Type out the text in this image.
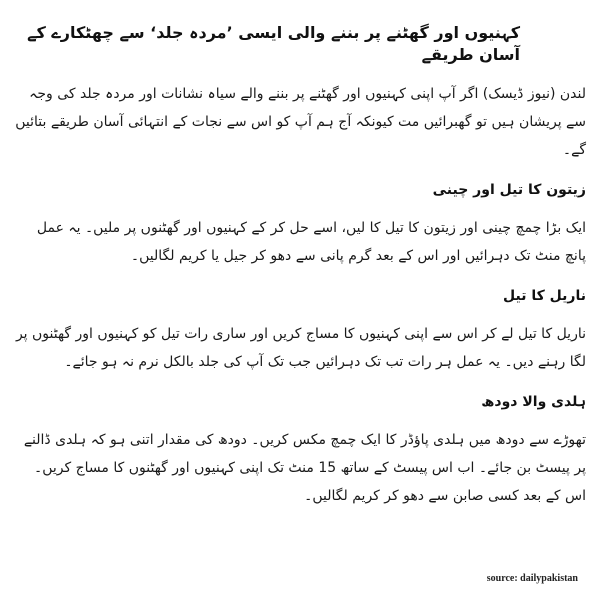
کہنیوں اور گھٹنے پر بننے والی ایسی ’مردہ جلد‘ سے چھٹکارے کے آسان طریقے

لندن (نیوز ڈیسک) اگر آپ اپنی کہنیوں اور گھٹنے پر بننے والے سیاہ نشانات اور مردہ جلد کی وجہ سے پریشان ہیں تو گھبرائیں مت کیونکہ آج ہم آپ کو اس سے نجات کے انتہائی آسان طریقے بتائیں گے۔

زیتون کا تیل اور چینی

ایک بڑا چمچ چینی اور زیتون کا تیل کا لیں، اسے حل کر کے کہنیوں اور گھٹنوں پر ملیں۔ یہ عمل پانچ منٹ تک دہرائیں اور اس کے بعد گرم پانی سے دھو کر جیل یا کریم لگالیں۔

ناریل کا تیل

ناریل کا تیل لے کر اس سے اپنی کہنیوں کا مساج کریں اور ساری رات تیل کو کہنیوں اور گھٹنوں پر لگا رہنے دیں۔ یہ عمل ہر رات تب تک دہرائیں جب تک آپ کی جلد بالکل نرم نہ ہو جائے۔

ہلدی والا دودھ

تھوڑے سے دودھ میں ہلدی پاؤڈر کا ایک چمچ مکس کریں۔ دودھ کی مقدار اتنی ہو کہ ہلدی ڈالنے پر پیسٹ بن جائے۔ اب اس پیسٹ کے ساتھ 15 منٹ تک اپنی کہنیوں اور گھٹنوں کا مساج کریں۔ اس کے بعد کسی صابن سے دھو کر کریم لگالیں۔

source: dailypakistan
